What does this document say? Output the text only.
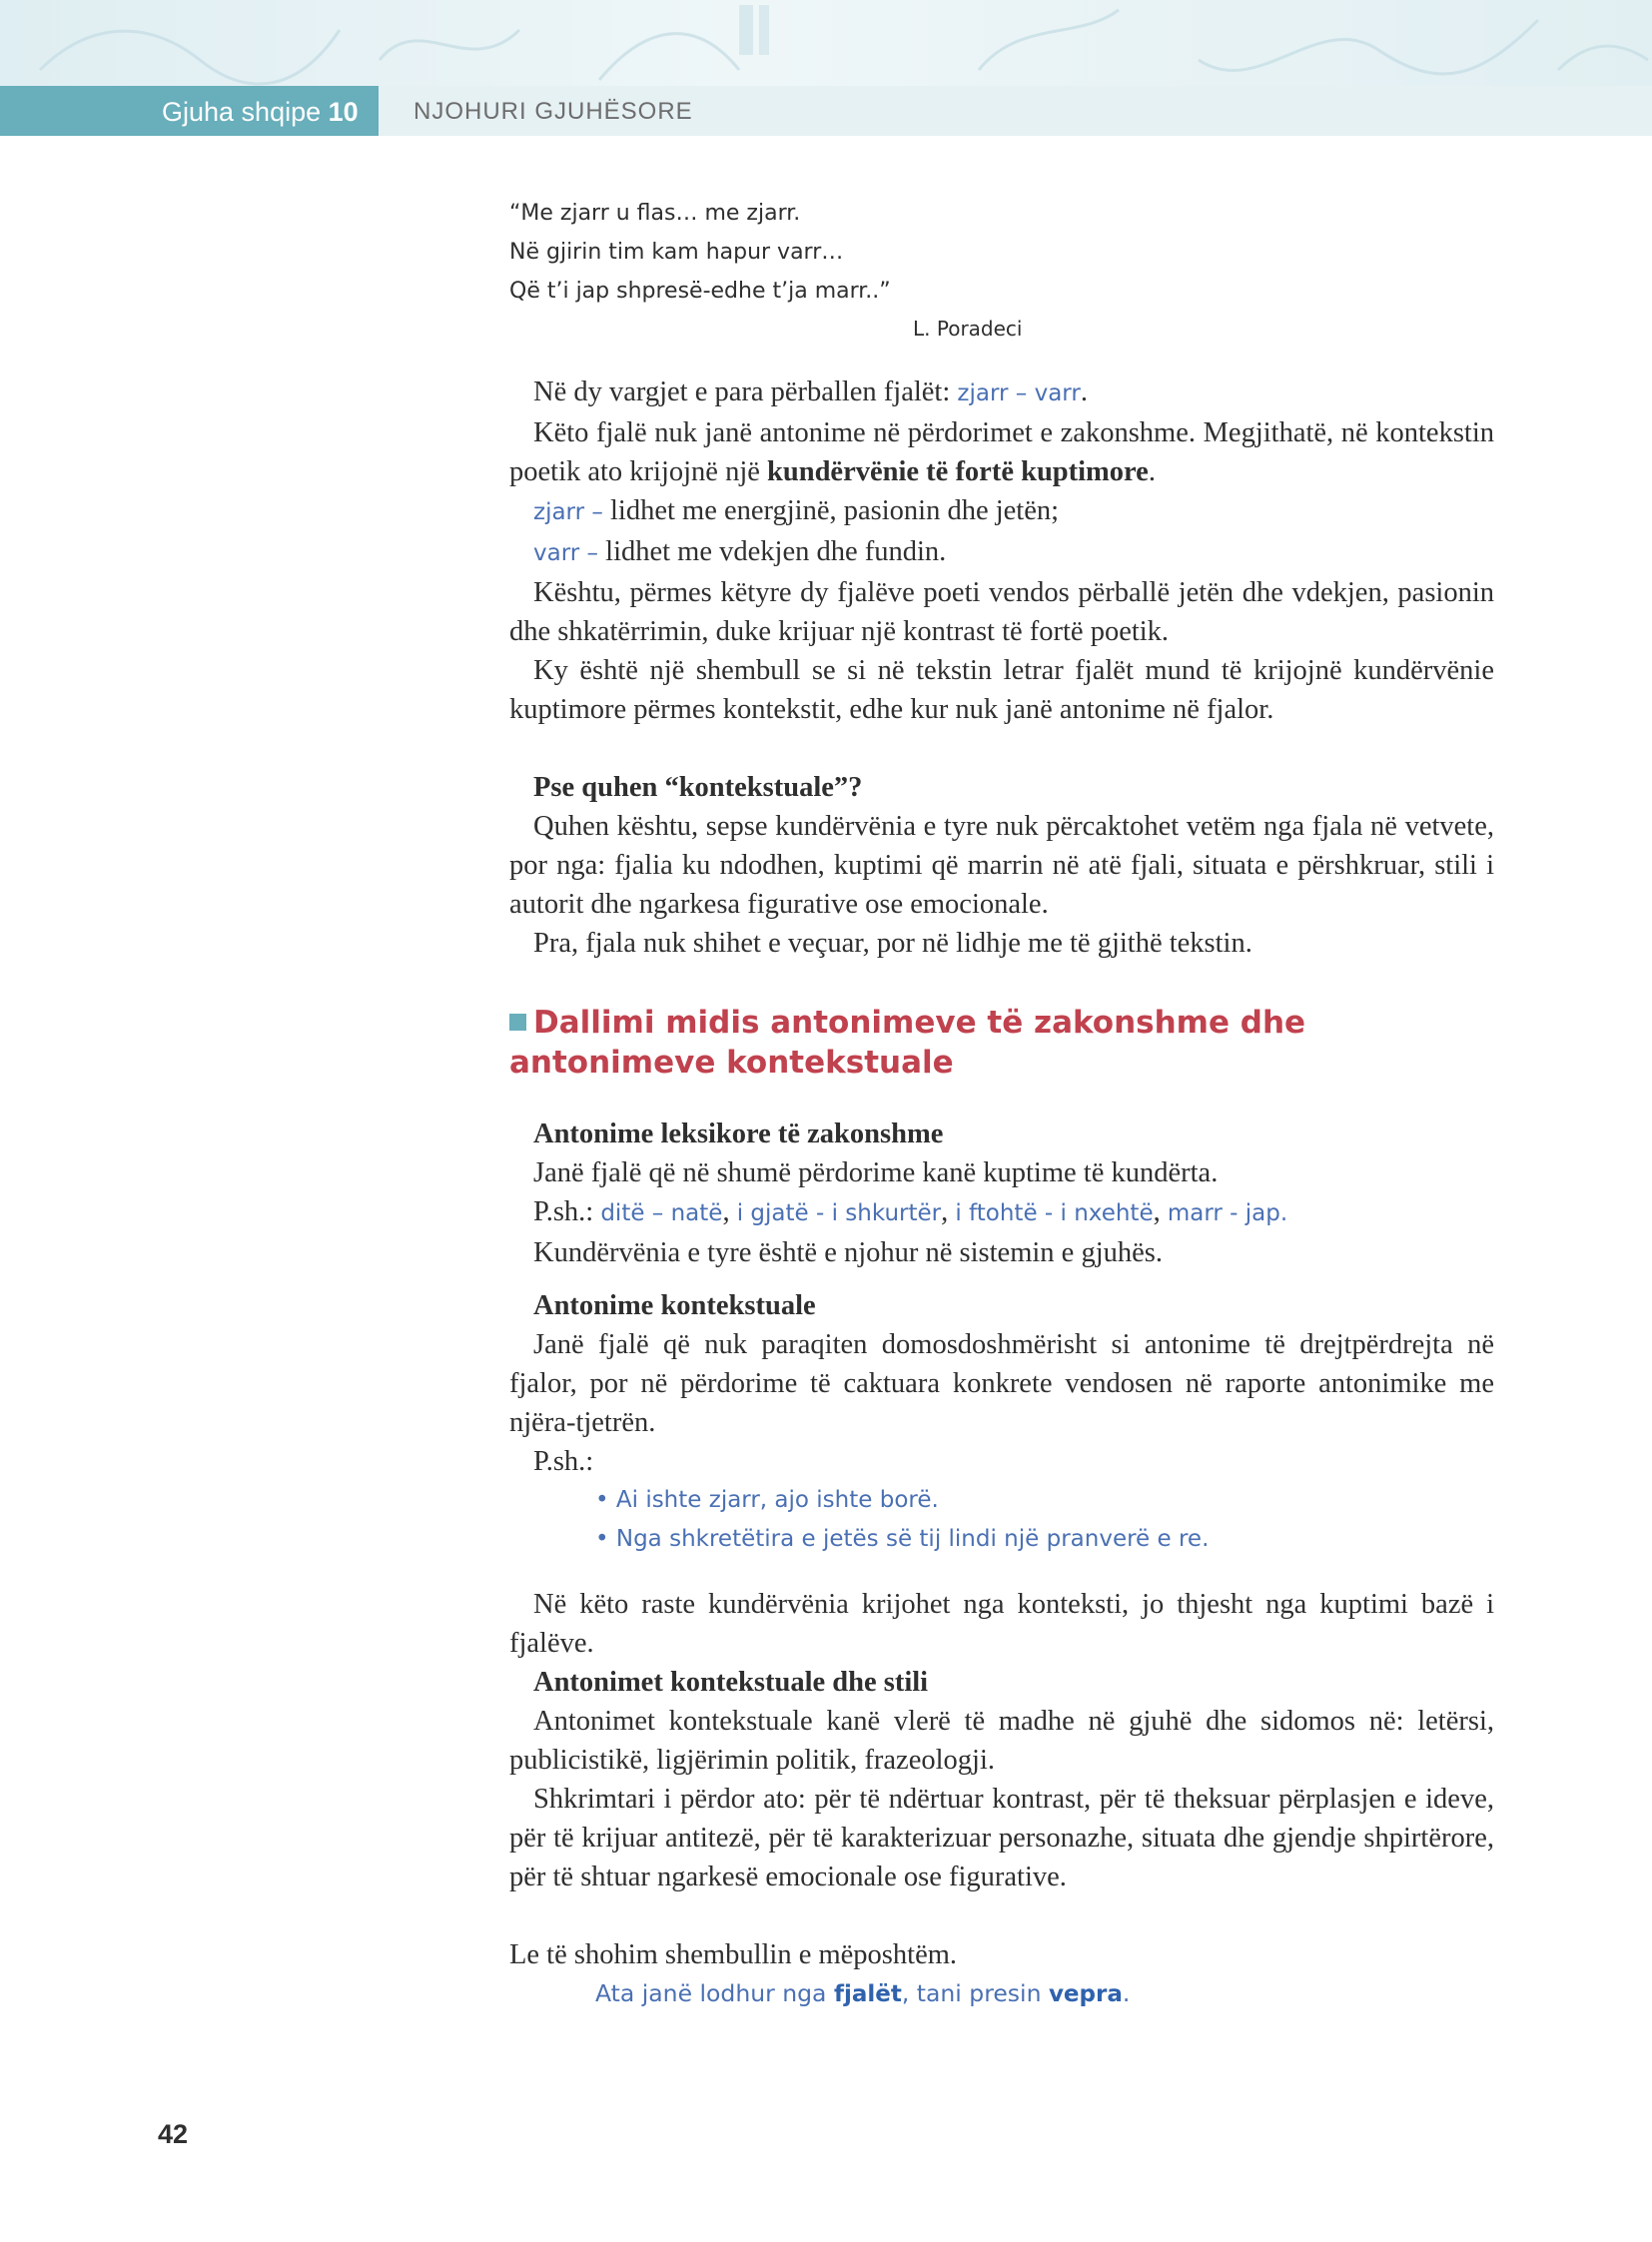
Gjuha shqipe 10 NJOHURI GJUHËSORE
“Me zjarr u flas… me zjarr.
Në gjirin tim kam hapur varr…
Që t’i jap shpresë-edhe t’ja marr..”
L. Poradeci

Në dy vargjet e para përballen fjalët: zjarr – varr.

Këto fjalë nuk janë antonime në përdorimet e zakonshme. Megjithatë, në kontekstin poetik ato krijojnë një kundërvënie të fortë kuptimore.

zjarr – lidhet me energjinë, pasionin dhe jetën;

varr – lidhet me vdekjen dhe fundin.

Kështu, përmes këtyre dy fjalëve poeti vendos përballë jetën dhe vdekjen, pasionin dhe shkatërrimin, duke krijuar një kontrast të fortë poetik.

Ky është një shembull se si në tekstin letrar fjalët mund të krijojnë kundërvënie kuptimore përmes kontekstit, edhe kur nuk janë antonime në fjalor.

Pse quhen “kontekstuale”?

Quhen kështu, sepse kundërvënia e tyre nuk përcaktohet vetëm nga fjala në vetvete, por nga: fjalia ku ndodhen, kuptimi që marrin në atë fjali, situata e përshkruar, stili i autorit dhe ngarkesa figurative ose emocionale.

Pra, fjala nuk shihet e veçuar, por në lidhje me të gjithë tekstin.

Dallimi midis antonimeve të zakonshme dhe
antonimeve kontekstuale
Antonime leksikore të zakonshme

Janë fjalë që në shumë përdorime kanë kuptime të kundërta.

P.sh.: ditë – natë, i gjatë - i shkurtër, i ftohtë - i nxehtë, marr - jap.

Kundërvënia e tyre është e njohur në sistemin e gjuhës.

Antonime kontekstuale

Janë fjalë që nuk paraqiten domosdoshmërisht si antonime të drejtpërdrejta në fjalor, por në përdorime të caktuara konkrete vendosen në raporte antonimike me njëra-tjetrën.

P.sh.:

• Ai ishte zjarr, ajo ishte borë.
• Nga shkretëtira e jetës së tij lindi një pranverë e re.

Në këto raste kundërvënia krijohet nga konteksti, jo thjesht nga kuptimi bazë i fjalëve.

Antonimet kontekstuale dhe stili

Antonimet kontekstuale kanë vlerë të madhe në gjuhë dhe sidomos në: letërsi, publicistikë, ligjërimin politik, frazeologji.

Shkrimtari i përdor ato: për të ndërtuar kontrast, për të theksuar përplasjen e ideve, për të krijuar antitezë, për të karakterizuar personazhe, situata dhe gjendje shpirtërore, për të shtuar ngarkesë emocionale ose figurative.

Le të shohim shembullin e mëposhtëm.

Ata janë lodhur nga fjalët, tani presin vepra.
42
